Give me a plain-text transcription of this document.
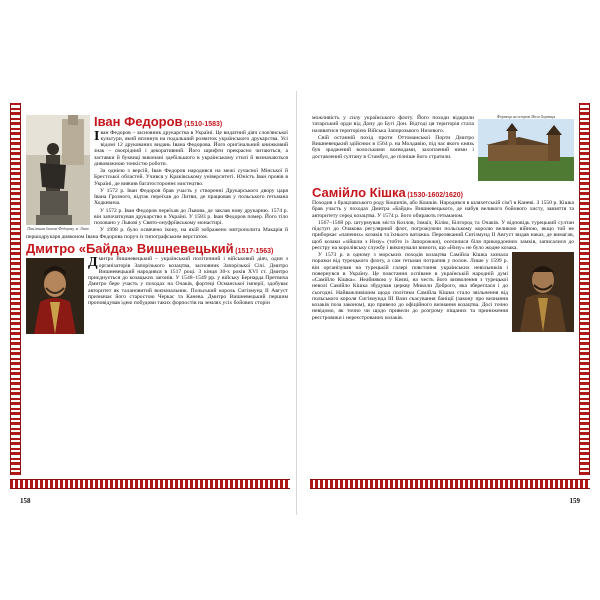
Пам'ятник Іванові Федорову, м. Львів
Іван Федоров (1510-1583)

Іван Федоров – засновник друкарства в Україні. Це видатний діяч слов'янської культури, який вплинув на подальший розвиток українського друкарства. Усі відомі 12 друкованих видань Івана Федорова. Його оригінальний книжковий знак – своєрідний і декоративний. Його шрифти прекрасно читаються, а заставки й буквиці виконані здебільшого в українському стилі й визначаються дивовижною тонкістю роботи.

За однією з версій, Іван Федоров народився на межі сучасної Мінської й Брестської областей. Учився у Краківському університеті. Юність Іван провів в Україні, де вивчив багатостороннє мистецтво.

У 1572 р. Іван Федоров брав участь у створенні Друкарського двору царя Івана Грозного, відтак переїхав до Литви, де працював у польського гетьмана Ходкевича.

У 1572 р. Іван Федоров переїхав до Львова, де заклав нову друкарню. 1574 р. він започаткував друкарство в Україні. У 1583 р. Іван Федоров помер. Його тіло поховано у Львові у Свято-онуфріївському монастирі.

У 1998 р. було освячено ікону, на якій зображено митрополита Макарія й першодрукаря дияконом Івана Федорова поруч із типографським верстатом.

Дмитро «Байда» Вишневецький (1517-1563)

Дмитро Вишневецький – український політичний і військовий діяч, один з організаторів Запорізького козацтва, засновник Запорізької Січі. Дмитро Вишневецький народився в 1517 році. З кінця 30-х років XVI ст. Дмитро приєднується до козацьких загонів. У 1548–1549 рр. у війську Бернарда Претвича Дмитро бере участь у походах на Очаків, фортеці Османської імперії, здобуває авторитет як талановитий воєначальник. Польський король Сигізмунд II Август призначає його старостою Черкас та Канева. Дмитро Вишневецький першим проповідував ідею побудови таких форпостів на землях усіх бойових сторін

158
Фортеця на острові Мала Хортиця

можливість у силу українського флоту. Його походи відкрили татарський орди від Дону до Бугі Дон. Відтоді ця територія стала називатися територією Війська Запорозького Низового.

Свій останній похід проти Оттоманської Порти Дмитро Вишневецький здійснює в 1564 р. на Молдавію, під час якого князь був зраджений волоськими воєводами, захоплений ними і доставлений султану в Стамбул, де пізніше його стратили.

Самійло Кішка (1530-1602/1620)

Походив з брацлавського роду Кошичів, або Кошків. Народився в шляхетській сім'ї в Каневі. З 1550 р. Кішка брав участь у походах Дмитра «Байди» Вишневецького, де набув великого бойового хисту, завзяття та авторитету серед козацтва. У 1574 р. його обирають гетьманом.

1567–1568 рр. штурмував міста Козлов, Ізмаїл, Кілію, Білгород та Очаків. У відповідь турецький султан підступ до Очакова регулярний флот, погрожуючи польському королю великою війною, якщо той не приборкає «папених» козаків та їхнього ватажка. Переляканий Сигізмунд II Август видав наказ, де вимагав, щоб козаки «зійшли з Низу» (тобто із Запорожжя), оселилися біля прикордонних замків, записалися до реєстру на королівську службу і виконували вимоги, що «Низу» не було жодне козака.

У 1573 р. в одному з морських походів козацтва Самійла Кішка зазнала поразки від турецького флоту, а сам гетьман потрапив у полон. Лише у 1599 р. він організував на турецькій галері повстання українських невільників і повернувся в Україну. Це повстання оспіване в українській народній думі «Самійло Кішка». Неабиякою у Києві, на честь його визволення з турецької неволі Самійло Кішка збудував церкву Миколи Доброго, яка збереглася і до сьогодні. Найважливішим щодо політики Самійла Кішки стало звільнення від польського короля Сигізмунда III Вази скасування баніції (закону про визнання козаків поза законом), що привело до офіційного визнання козацтва. Досі точно невідомо, як точно чи щодо привели до розгрому піщаних та приниження реєстровики і нереєстрованих козаків.

159
